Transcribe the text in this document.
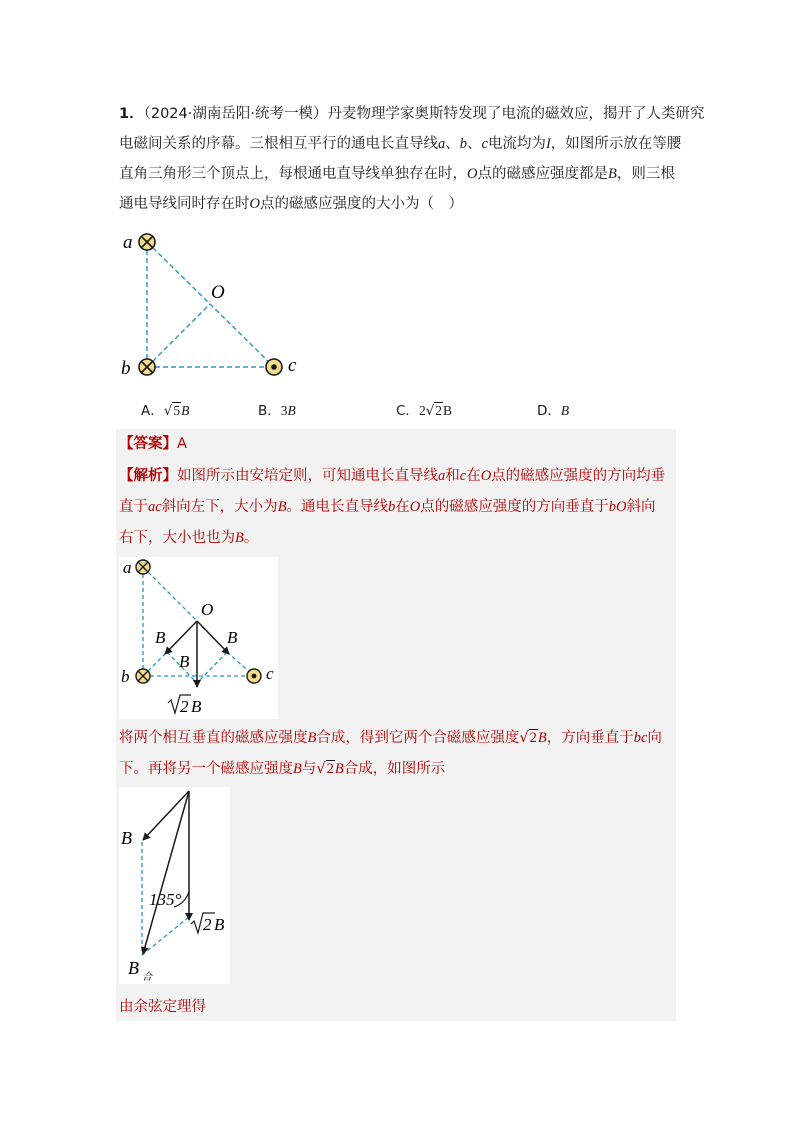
1．（2024·湖南岳阳·统考一模）丹麦物理学家奥斯特发现了电流的磁效应，揭开了人类研究
电磁间关系的序幕。三根相互平行的通电长直导线a、b、c电流均为I，如图所示放在等腰
直角三角形三个顶点上，每根通电直导线单独存在时，O点的磁感应强度都是B，则三根
通电导线同时存在时O点的磁感应强度的大小为（　）
a
b	c
O
A．√5B	B．3B	C．2√2B	D．B
【答案】A
【解析】如图所示由安培定则，可知通电长直导线a和c在O点的磁感应强度的方向均垂
直于ac斜向左下，大小为B。通电长直导线b在O点的磁感应强度的方向垂直于bO斜向
右下，大小也也为B。
a
b	c
O
B	B
B
2 B
将两个相互垂直的磁感应强度B合成，得到它两个合磁感应强度√2B，方向垂直于bc向
下。再将另一个磁感应强度B与√2B合成，如图所示
B
135°
2 B
B 合
由余弦定理得
